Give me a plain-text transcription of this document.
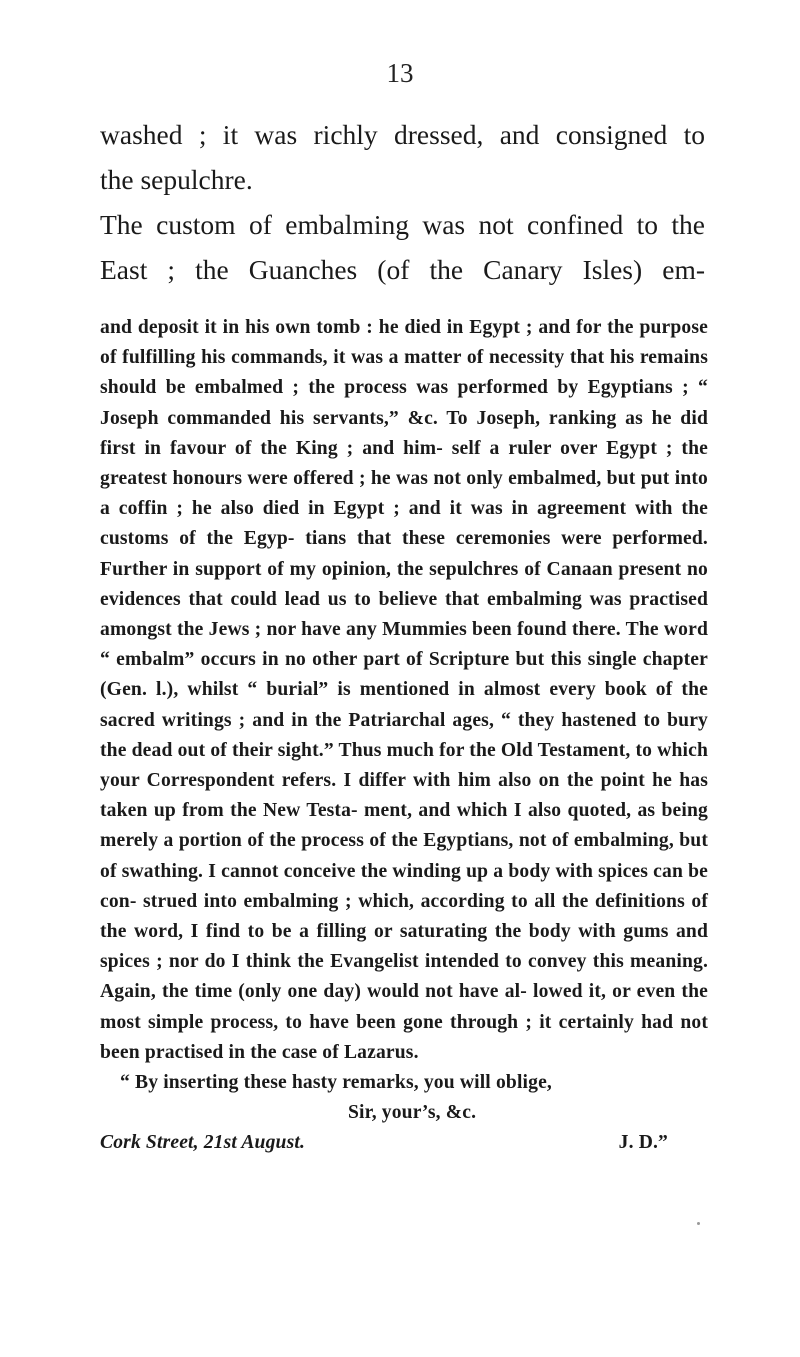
13

washed ; it was richly dressed, and consigned to

the sepulchre.

The custom of embalming was not confined to the East ; the Guanches (of the Canary Isles) em-

and deposit it in his own tomb : he died in Egypt ; and for the purpose of fulfilling his commands, it was a matter of necessity that his remains should be embalmed ; the process was performed by Egyptians ; “ Joseph commanded his servants,” &c. To Joseph, ranking as he did first in favour of the King ; and him- self a ruler over Egypt ; the greatest honours were offered ; he was not only embalmed, but put into a coffin ; he also died in Egypt ; and it was in agreement with the customs of the Egyp- tians that these ceremonies were performed. Further in support of my opinion, the sepulchres of Canaan present no evidences that could lead us to believe that embalming was practised amongst the Jews ; nor have any Mummies been found there. The word “ embalm” occurs in no other part of Scripture but this single chapter (Gen. l.), whilst “ burial” is mentioned in almost every book of the sacred writings ; and in the Patriarchal ages, “ they hastened to bury the dead out of their sight.” Thus much for the Old Testament, to which your Correspondent refers. I differ with him also on the point he has taken up from the New Testa- ment, and which I also quoted, as being merely a portion of the process of the Egyptians, not of embalming, but of swathing. I cannot conceive the winding up a body with spices can be con- strued into embalming ; which, according to all the definitions of the word, I find to be a filling or saturating the body with gums and spices ; nor do I think the Evangelist intended to convey this meaning. Again, the time (only one day) would not have al- lowed it, or even the most simple process, to have been gone through ; it certainly had not been practised in the case of Lazarus.

“ By inserting these hasty remarks, you will oblige,

Sir, your’s, &c.

Cork Street, 21st August.	J. D.”
